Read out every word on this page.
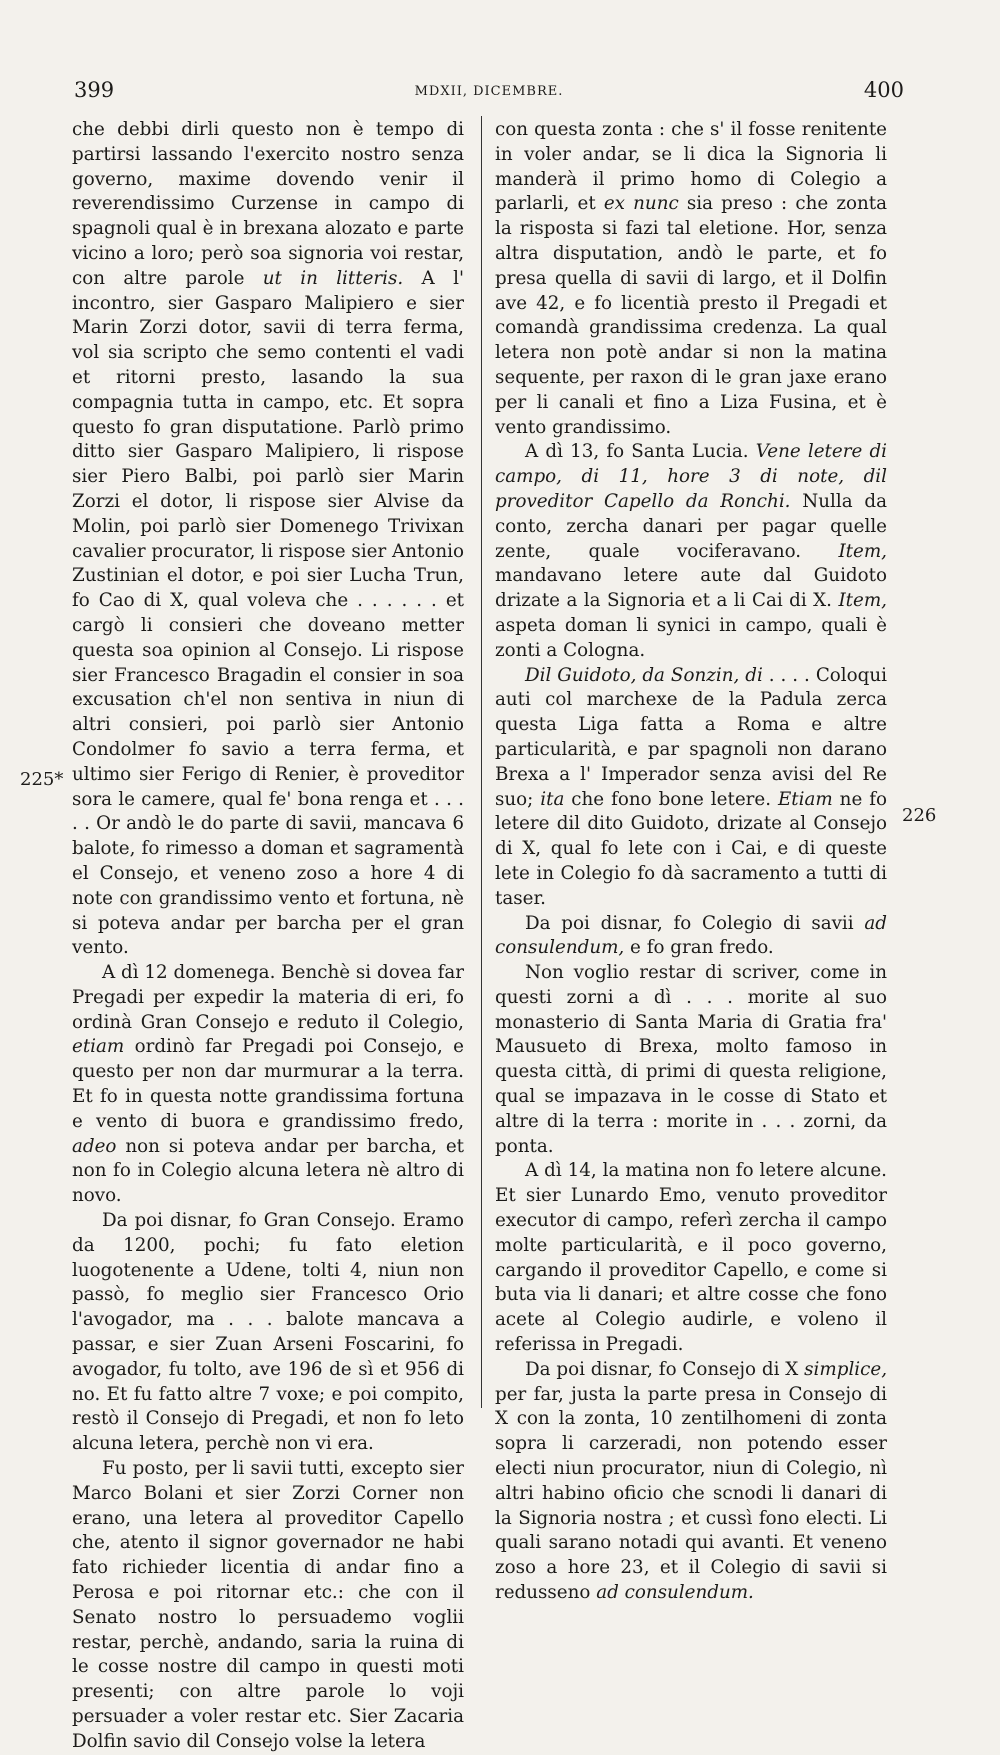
399	MDXII, DICEMBRE.	400
225*
226

che debbi dirli questo non è tempo di partirsi lassando l'exercito nostro senza governo, maxime dovendo venir il reverendissimo Curzense in campo di spagnoli qual è in brexana alozato e parte vicino a loro; però soa signoria voi restar, con altre parole ut in litteris. A l' incontro, sier Gasparo Malipiero e sier Marin Zorzi dotor, savii di terra ferma, vol sia scripto che semo contenti el vadi et ritorni presto, lasando la sua compagnia tutta in campo, etc. Et sopra questo fo gran disputatione. Parlò primo ditto sier Gasparo Malipiero, li rispose sier Piero Balbi, poi parlò sier Marin Zorzi el dotor, li rispose sier Alvise da Molin, poi parlò sier Domenego Trivixan cavalier procurator, li rispose sier Antonio Zustinian el dotor, e poi sier Lucha Trun, fo Cao di X, qual voleva che . . . . . . et cargò li consieri che doveano metter questa soa opinion al Consejo. Li rispose sier Francesco Bragadin el consier in soa excusation ch'el non sentiva in niun di altri consieri, poi parlò sier Antonio Condolmer fo savio a terra ferma, et ultimo sier Ferigo di Renier, è proveditor sora le camere, qual fe' bona renga et . . . . . Or andò le do parte di savii, mancava 6 balote, fo rimesso a doman et sagramentà el Consejo, et veneno zoso a hore 4 di note con grandissimo vento et fortuna, nè si poteva andar per barcha per el gran vento.

A dì 12 domenega. Benchè si dovea far Pregadi per expedir la materia di eri, fo ordinà Gran Consejo e reduto il Colegio, etiam ordinò far Pregadi poi Consejo, e questo per non dar murmurar a la terra. Et fo in questa notte grandissima fortuna e vento di buora e grandissimo fredo, adeo non si poteva andar per barcha, et non fo in Colegio alcuna letera nè altro di novo.

Da poi disnar, fo Gran Consejo. Eramo da 1200, pochi; fu fato eletion luogotenente a Udene, tolti 4, niun non passò, fo meglio sier Francesco Orio l'avogador, ma . . . balote mancava a passar, e sier Zuan Arseni Foscarini, fo avogador, fu tolto, ave 196 de sì et 956 di no. Et fu fatto altre 7 voxe; e poi compito, restò il Consejo di Pregadi, et non fo leto alcuna letera, perchè non vi era.

Fu posto, per li savii tutti, excepto sier Marco Bolani et sier Zorzi Corner non erano, una letera al proveditor Capello che, atento il signor governador ne habi fato richieder licentia di andar fino a Perosa e poi ritornar etc.: che con il Senato nostro lo persuademo voglii restar, perchè, andando, saria la ruina di le cosse nostre dil campo in questi moti presenti; con altre parole lo voji persuader a voler restar etc. Sier Zacaria Dolfin savio dil Consejo volse la letera

con questa zonta : che s' il fosse renitente in voler andar, se li dica la Signoria li manderà il primo homo di Colegio a parlarli, et ex nunc sia preso : che zonta la risposta si fazi tal eletione. Hor, senza altra disputation, andò le parte, et fo presa quella di savii di largo, et il Dolfin ave 42, e fo licentià presto il Pregadi et comandà grandissima credenza. La qual letera non potè andar si non la matina sequente, per raxon di le gran jaxe erano per li canali et fino a Liza Fusina, et è vento grandissimo.

A dì 13, fo Santa Lucia. Vene letere di campo, di 11, hore 3 di note, dil proveditor Capello da Ronchi. Nulla da conto, zercha danari per pagar quelle zente, quale vociferavano. Item, mandavano letere aute dal Guidoto drizate a la Signoria et a li Cai di X. Item, aspeta doman li synici in campo, quali è zonti a Cologna.

Dil Guidoto, da Sonzin, di . . . . Coloqui auti col marchexe de la Padula zerca questa Liga fatta a Roma e altre particularità, e par spagnoli non darano Brexa a l' Imperador senza avisi del Re suo; ita che fono bone letere. Etiam ne fo letere dil dito Guidoto, drizate al Consejo di X, qual fo lete con i Cai, e di queste lete in Colegio fo dà sacramento a tutti di taser.

Da poi disnar, fo Colegio di savii ad consulendum, e fo gran fredo.

Non voglio restar di scriver, come in questi zorni a dì . . . morite al suo monasterio di Santa Maria di Gratia fra' Mausueto di Brexa, molto famoso in questa città, di primi di questa religione, qual se impazava in le cosse di Stato et altre di la terra : morite in . . . zorni, da ponta.

A dì 14, la matina non fo letere alcune. Et sier Lunardo Emo, venuto proveditor executor di campo, referì zercha il campo molte particularità, e il poco governo, cargando il proveditor Capello, e come si buta via li danari; et altre cosse che fono acete al Colegio audirle, e voleno il referissa in Pregadi.

Da poi disnar, fo Consejo di X simplice, per far, justa la parte presa in Consejo di X con la zonta, 10 zentilhomeni di zonta sopra li carzeradi, non potendo esser electi niun procurator, niun di Colegio, nì altri habino oficio che scnodi li danari di la Signoria nostra ; et cussì fono electi. Li quali sarano notadi qui avanti. Et veneno zoso a hore 23, et il Colegio di savii si redusseno ad consulendum.
